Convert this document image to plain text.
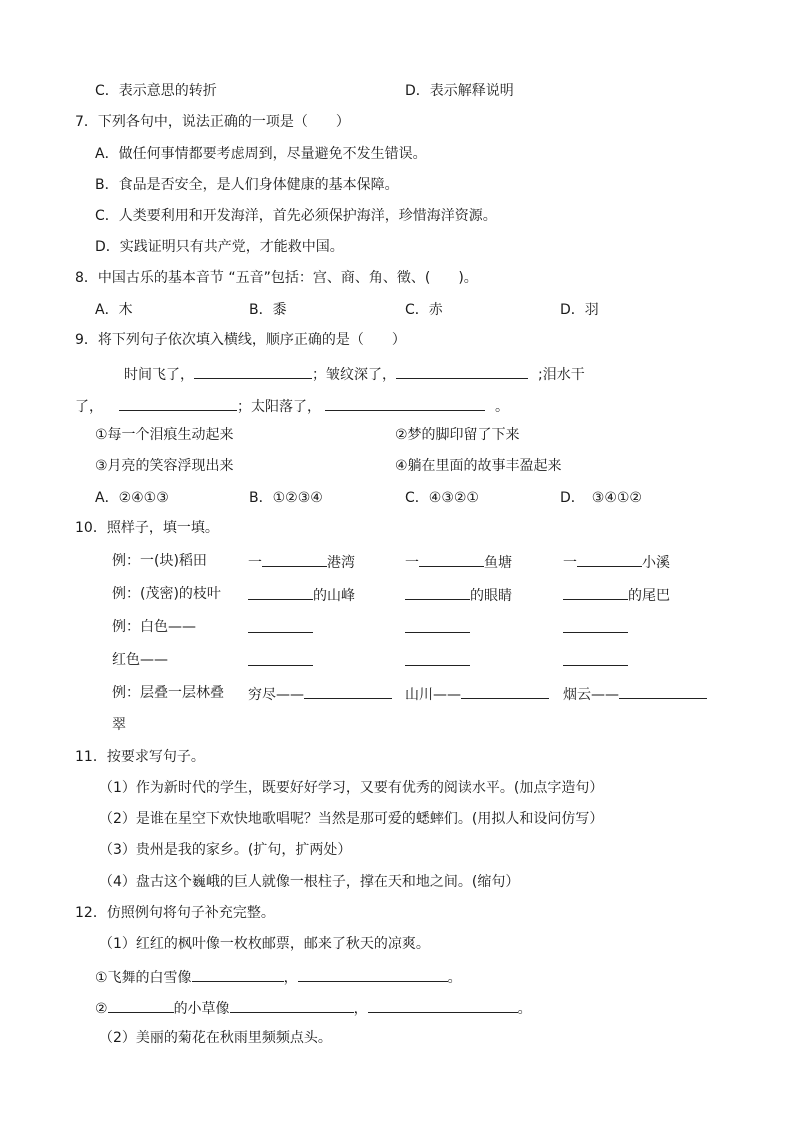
C．表示意思的转折	D．表示解释说明
7．下列各句中，说法正确的一项是（　　）
A．做任何事情都要考虑周到，尽量避免不发生错误。
B．食品是否安全，是人们身体健康的基本保障。
C．人类要利用和开发海洋，首先必须保护海洋，珍惜海洋资源。
D．实践证明只有共产党，才能救中国。
8．中国古乐的基本音节 “五音”包括：宫、商、角、徵、(　　)。
A．木	B．黍	C．赤	D．羽
9．将下列句子依次填入横线，顺序正确的是（　　）
时间飞了，	；皱纹深了，	;泪水干
了，	；太阳落了，	。
①每一个泪痕生动起来	②梦的脚印留了下来
③月亮的笑容浮现出来	④躺在里面的故事丰盈起来
A．②④①③	B．①②③④	C．④③②①	D．　③④①②
10．照样子，填一填。
例：一(块)稻田	一	港湾	一	鱼塘	一	小溪
例：(茂密)的枝叶	的山峰	的眼睛	的尾巴
例：白色——
红色——
例：层叠一层林叠 穷尽——	山川——	烟云——
翠
11．按要求写句子。
（1）作为新时代的学生，既要好好学习，又要有优秀的阅读水平。(加点字造句）
（2）是谁在星空下欢快地歌唱呢？当然是那可爱的蟋蟀们。(用拟人和设问仿写）
（3）贵州是我的家乡。(扩句，扩两处）
（4）盘古这个巍峨的巨人就像一根柱子，撑在天和地之间。(缩句）
12．仿照例句将句子补充完整。
（1）红红的枫叶像一枚枚邮票，邮来了秋天的凉爽。
①飞舞的白雪像	，	。
②	的小草像	，	。
（2）美丽的菊花在秋雨里频频点头。
